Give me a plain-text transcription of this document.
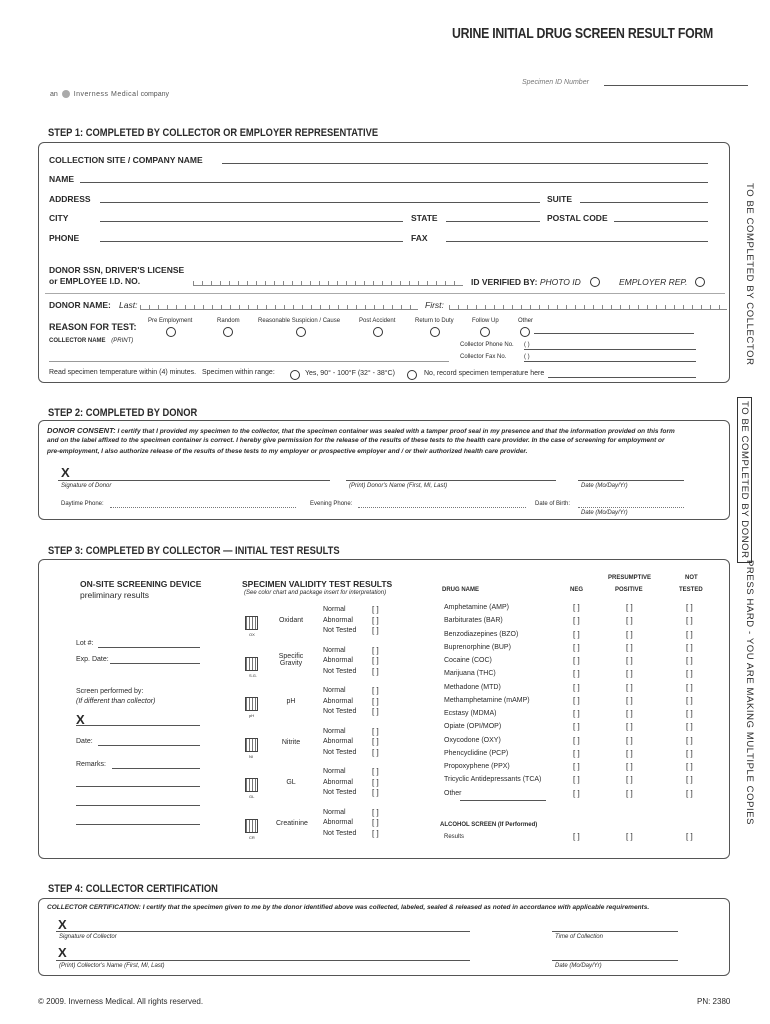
an Inverness Medical company
URINE INITIAL DRUG SCREEN RESULT FORM
Specimen ID Number
STEP 1: COMPLETED BY COLLECTOR OR EMPLOYER REPRESENTATIVE
TO BE COMPLETED BY COLLECTOR
COLLECTION SITE / COMPANY NAME
NAME
ADDRESS	SUITE
CITY	STATE	POSTAL CODE
PHONE	FAX
DONOR SSN, DRIVER'S LICENSE
or EMPLOYEE I.D. NO.	ID VERIFIED BY: PHOTO ID	EMPLOYER REP.
DONOR NAME: Last:	First:
REASON FOR TEST:
Pre Employment	Random	Reasonable Suspicion / Cause	Post Accident	Return to Duty	Follow Up	Other
COLLECTOR NAME (PRINT)
Collector Phone No. ( )
Collector Fax No.	( )
Read specimen temperature within (4) minutes. Specimen within range:	Yes, 90° - 100°F (32° - 38°C)	No, record specimen temperature here
STEP 2: COMPLETED BY DONOR	TO BE COMPLETED BY DONOR
DONOR CONSENT: I certify that I provided my specimen to the collector, that the specimen container was sealed with a tamper proof seal in my presence and that the information provided on this form
and on the label affixed to the specimen container is correct. I hereby give permission for the release of the results of these tests to the health care provider. In the case of screening for employment or
pre-employment, I also authorize release of the results of these tests to my employer or prospective employer and / or their authorized health care provider.
X
Signature of Donor	(Print) Donor's Name (First, MI, Last)	Date (Mo/Day/Yr)
Daytime Phone:	Evening Phone:	Date of Birth:
Date (Mo/Day/Yr)
STEP 3: COMPLETED BY COLLECTOR — INITIAL TEST RESULTS
PRESS HARD - YOU ARE MAKING MULTIPLE COPIES
ON-SITE SCREENING DEVICE
preliminary results
Lot #:
Exp. Date:
Screen performed by:
(If different than collector)
X
Date:
Remarks:
SPECIMEN VALIDITY TEST RESULTS
(See color chart and package insert for interpretation)
OX
Oxidant
Normal	[ ]
Abnormal [ ]
Not Tested [ ]
S.G.
Specific
Gravity
Normal	[ ]
Abnormal [ ]
Not Tested [ ]
pH
pH
Normal	[ ]
Abnormal [ ]
Not Tested [ ]
NI
Nitrite
Normal	[ ]
Abnormal [ ]
Not Tested [ ]
GL
GL
Normal	[ ]
Abnormal [ ]
Not Tested [ ]
CR
Creatinine
Normal	[ ]
Abnormal [ ]
Not Tested [ ]
DRUG NAME	NEG
PRESUMPTIVE
POSITIVE
NOT
TESTED
Amphetamine (AMP)	[ ]	[ ]	[ ]
Barbiturates (BAR)	[ ]	[ ]	[ ]
Benzodiazepines (BZO)	[ ]	[ ]	[ ]
Buprenorphine (BUP)	[ ]	[ ]	[ ]
Cocaine (COC)	[ ]	[ ]	[ ]
Marijuana (THC)	[ ]	[ ]	[ ]
Methadone (MTD)	[ ]	[ ]	[ ]
Methamphetamine (mAMP)	[ ]	[ ]	[ ]
Ecstasy (MDMA)	[ ]	[ ]	[ ]
Opiate (OPI/MOP)	[ ]	[ ]	[ ]
Oxycodone (OXY)	[ ]	[ ]	[ ]
Phencyclidine (PCP)	[ ]	[ ]	[ ]
Propoxyphene (PPX)	[ ]	[ ]	[ ]
Tricyclic Antidepressants (TCA)	[ ]	[ ]	[ ]
Other	[ ]	[ ]	[ ]
ALCOHOL SCREEN (If Performed)
Results	[ ]	[ ]	[ ]
STEP 4: COLLECTOR CERTIFICATION
COLLECTOR CERTIFICATION: I certify that the specimen given to me by the donor identified above was collected, labeled, sealed & released as noted in accordance with applicable requirements.
X
Signature of Collector	Time of Collection
X
(Print) Collector's Name (First, MI, Last)	Date (Mo/Day/Yr)
© 2009. Inverness Medical. All rights reserved.	PN: 2380
